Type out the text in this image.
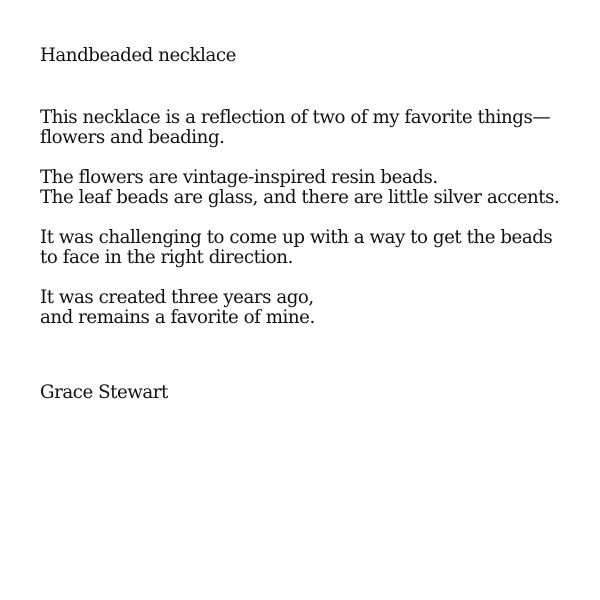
Handbeaded necklace

This necklace is a reflection of two of my favorite things—

flowers and beading.

The flowers are vintage-inspired resin beads.

The leaf beads are glass, and there are little silver accents.

It was challenging to come up with a way to get the beads

to face in the right direction.

It was created three years ago,

and remains a favorite of mine.

Grace Stewart
